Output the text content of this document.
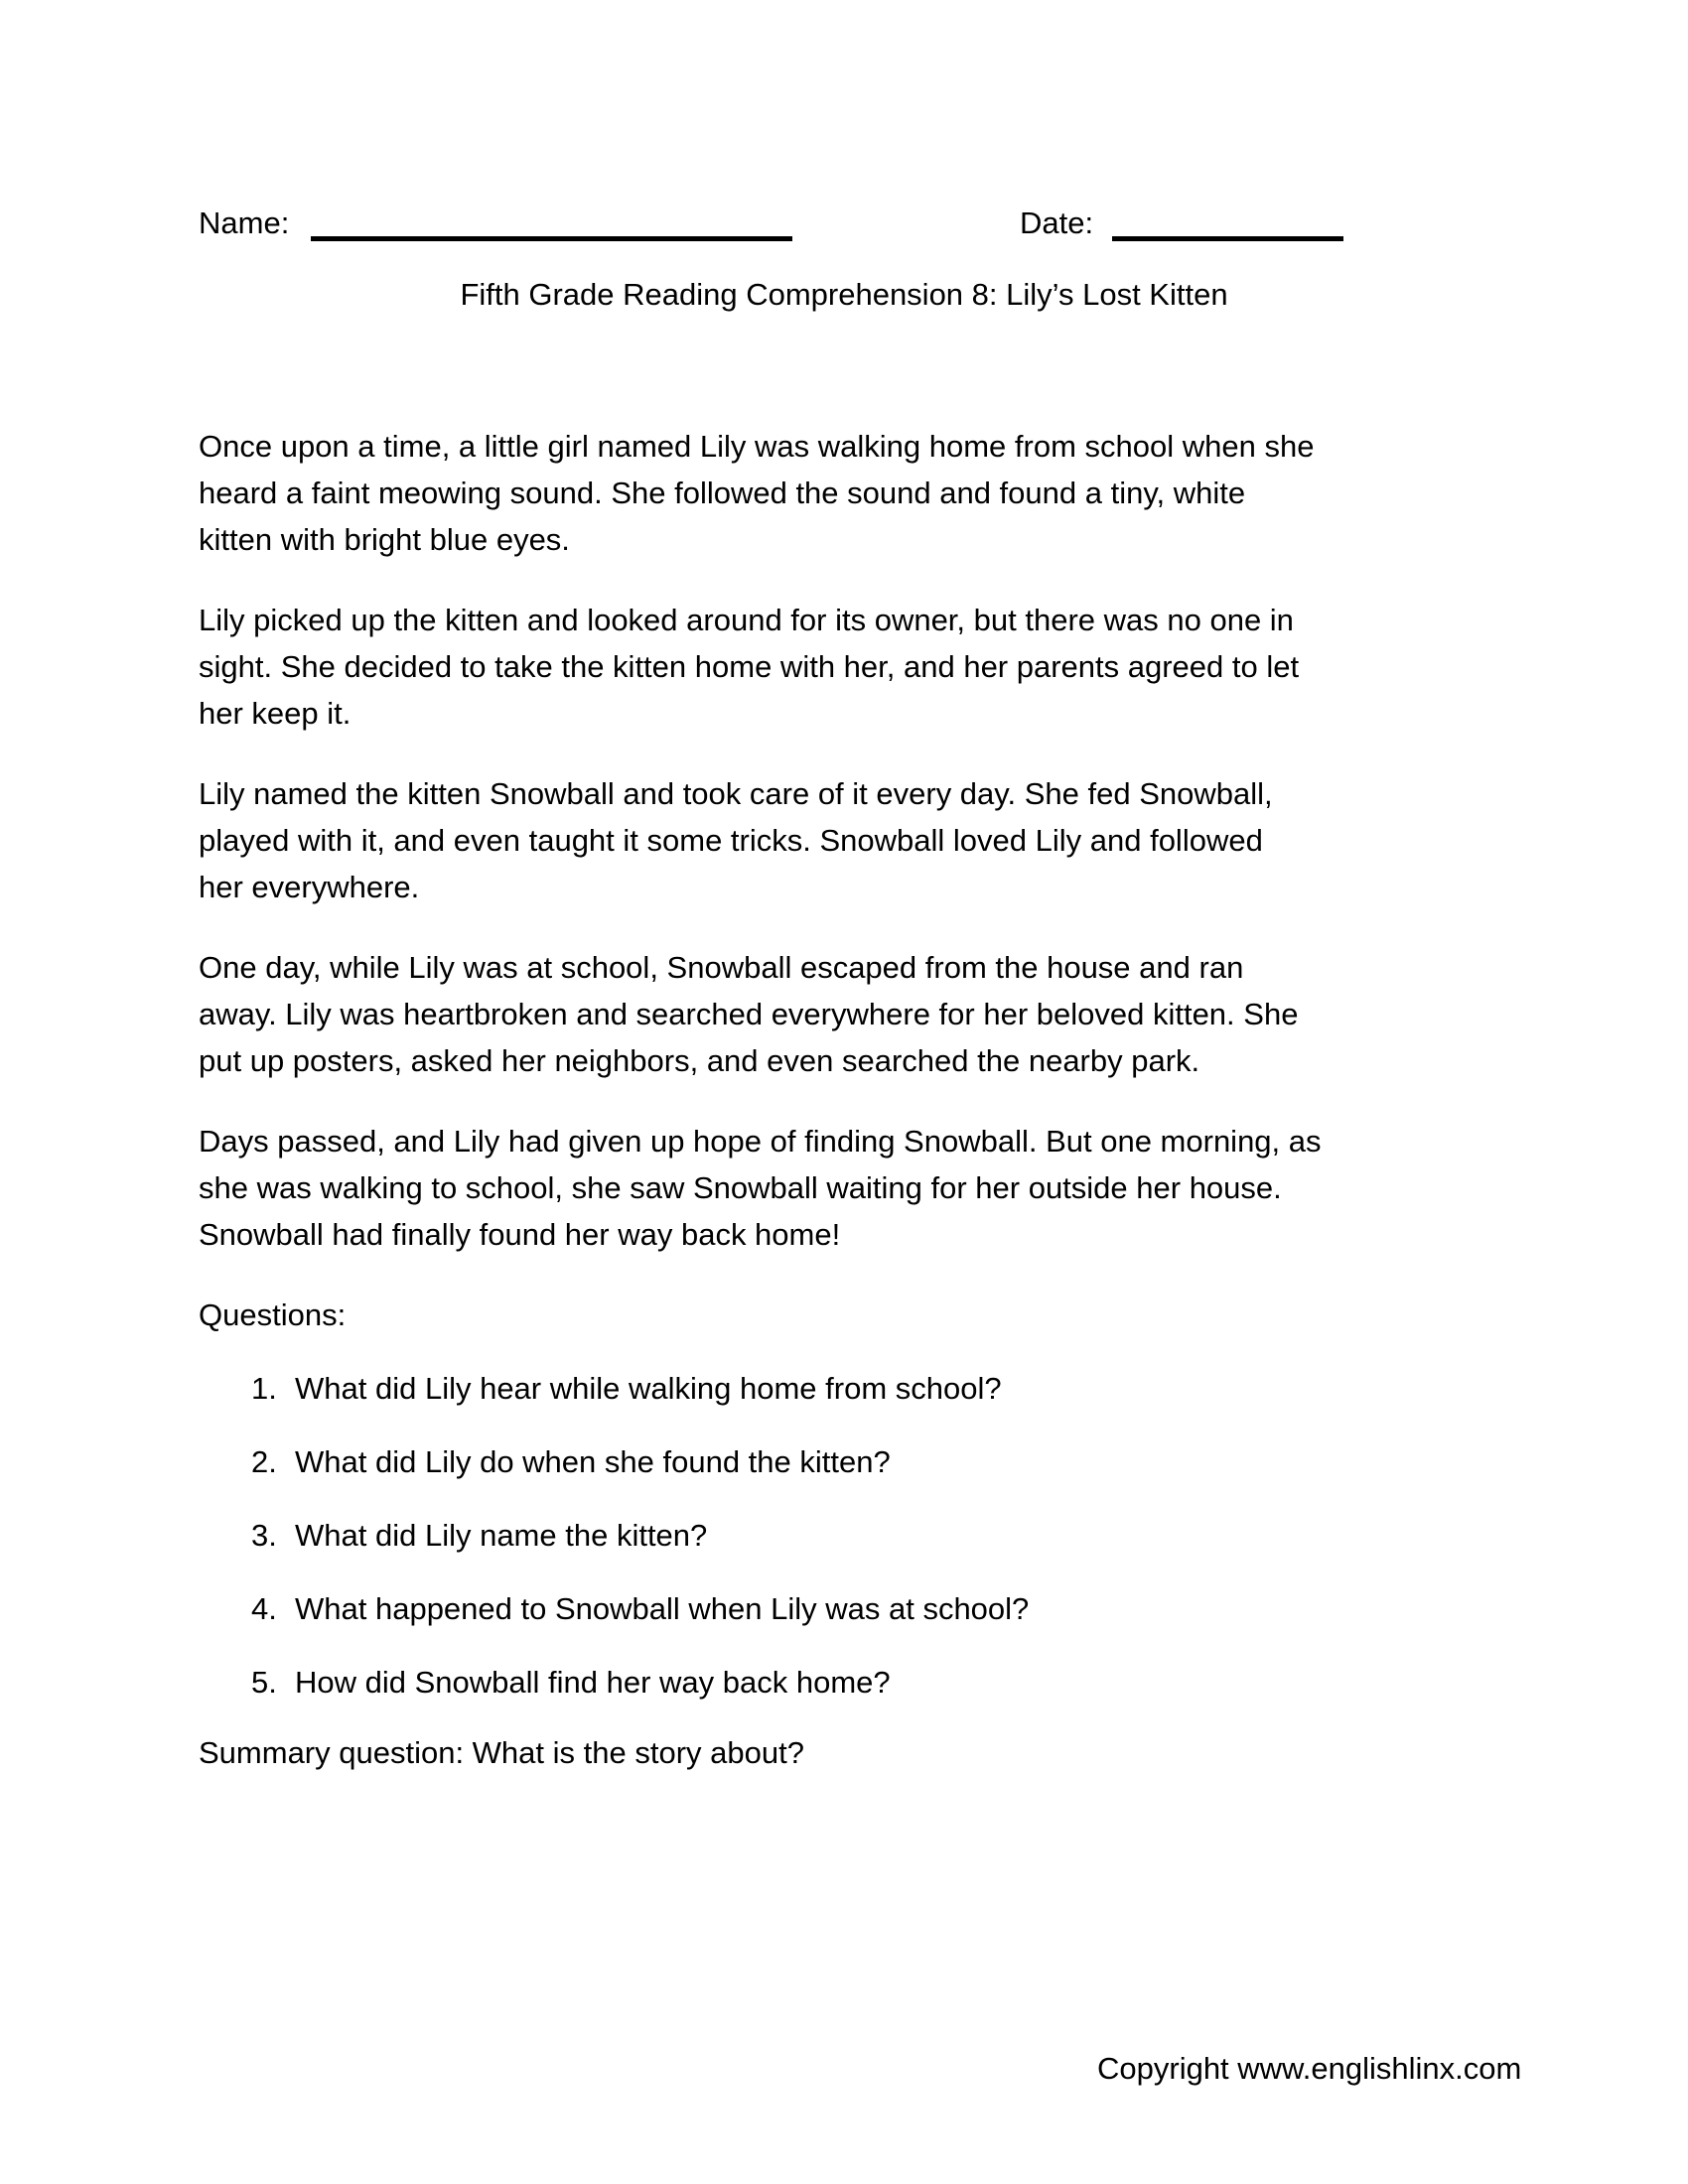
Name:	Date:
Fifth Grade Reading Comprehension 8: Lily’s Lost Kitten
Once upon a time, a little girl named Lily was walking home from school when she
heard a faint meowing sound. She followed the sound and found a tiny, white
kitten with bright blue eyes.
Lily picked up the kitten and looked around for its owner, but there was no one in
sight. She decided to take the kitten home with her, and her parents agreed to let
her keep it.
Lily named the kitten Snowball and took care of it every day. She fed Snowball,
played with it, and even taught it some tricks. Snowball loved Lily and followed
her everywhere.
One day, while Lily was at school, Snowball escaped from the house and ran
away. Lily was heartbroken and searched everywhere for her beloved kitten. She
put up posters, asked her neighbors, and even searched the nearby park.
Days passed, and Lily had given up hope of finding Snowball. But one morning, as
she was walking to school, she saw Snowball waiting for her outside her house.
Snowball had finally found her way back home!
Questions:
1. What did Lily hear while walking home from school?
2. What did Lily do when she found the kitten?
3. What did Lily name the kitten?
4. What happened to Snowball when Lily was at school?
5. How did Snowball find her way back home?
Summary question: What is the story about?
Copyright www.englishlinx.com
